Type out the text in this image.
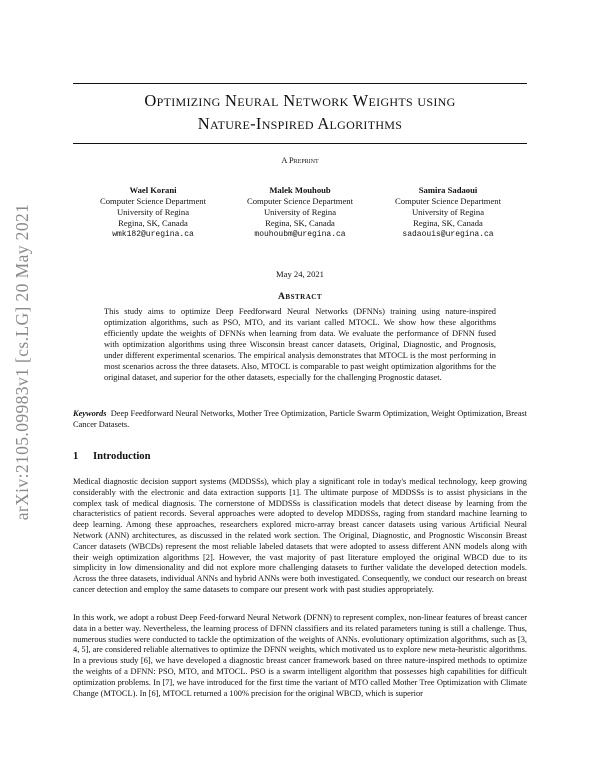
arXiv:2105.09983v1 [cs.LG] 20 May 2021
Optimizing Neural Network Weights using
Nature-Inspired Algorithms
A Preprint
Wael Korani
Computer Science Department
University of Regina
Regina, SK, Canada
wmk182@uregina.ca
Malek Mouhoub
Computer Science Department
University of Regina
Regina, SK, Canada
mouhoubm@uregina.ca
Samira Sadaoui
Computer Science Department
University of Regina
Regina, SK, Canada
sadaouis@uregina.ca
May 24, 2021
Abstract
This study aims to optimize Deep Feedforward Neural Networks (DFNNs) training using nature-inspired optimization algorithms, such as PSO, MTO, and its variant called MTOCL. We show how these algorithms efficiently update the weights of DFNNs when learning from data. We evaluate the performance of DFNN fused with optimization algorithms using three Wisconsin breast cancer datasets, Original, Diagnostic, and Prognosis, under different experimental scenarios. The empirical analysis demonstrates that MTOCL is the most performing in most scenarios across the three datasets. Also, MTOCL is comparable to past weight optimization algorithms for the original dataset, and superior for the other datasets, especially for the challenging Prognostic dataset.
Keywords Deep Feedforward Neural Networks, Mother Tree Optimization, Particle Swarm Optimization, Weight Optimization, Breast Cancer Datasets.
1 Introduction
Medical diagnostic decision support systems (MDDSSs), which play a significant role in today's medical technology, keep growing considerably with the electronic and data extraction supports [1]. The ultimate purpose of MDDSSs is to assist physicians in the complex task of medical diagnosis. The cornerstone of MDDSSs is classification models that detect disease by learning from the characteristics of patient records. Several approaches were adopted to develop MDDSSs, raging from standard machine learning to deep learning. Among these approaches, researchers explored micro-array breast cancer datasets using various Artificial Neural Network (ANN) architectures, as discussed in the related work section. The Original, Diagnostic, and Prognostic Wisconsin Breast Cancer datasets (WBCDs) represent the most reliable labeled datasets that were adopted to assess different ANN models along with their weigh optimization algorithms [2]. However, the vast majority of past literature employed the original WBCD due to its simplicity in low dimensionality and did not explore more challenging datasets to further validate the developed detection models. Across the three datasets, individual ANNs and hybrid ANNs were both investigated. Consequently, we conduct our research on breast cancer detection and employ the same datasets to compare our present work with past studies appropriately.
In this work, we adopt a robust Deep Feed-forward Neural Network (DFNN) to represent complex, non-linear features of breast cancer data in a better way. Nevertheless, the learning process of DFNN classifiers and its related parameters tuning is still a challenge. Thus, numerous studies were conducted to tackle the optimization of the weights of ANNs. evolutionary optimization algorithms, such as [3, 4, 5], are considered reliable alternatives to optimize the DFNN weights, which motivated us to explore new meta-heuristic algorithms. In a previous study [6], we have developed a diagnostic breast cancer framework based on three nature-inspired methods to optimize the weights of a DFNN: PSO, MTO, and MTOCL. PSO is a swarm intelligent algorithm that possesses high capabilities for difficult optimization problems. In [7], we have introduced for the first time the variant of MTO called Mother Tree Optimization with Climate Change (MTOCL). In [6], MTOCL returned a 100% precision for the original WBCD, which is superior
